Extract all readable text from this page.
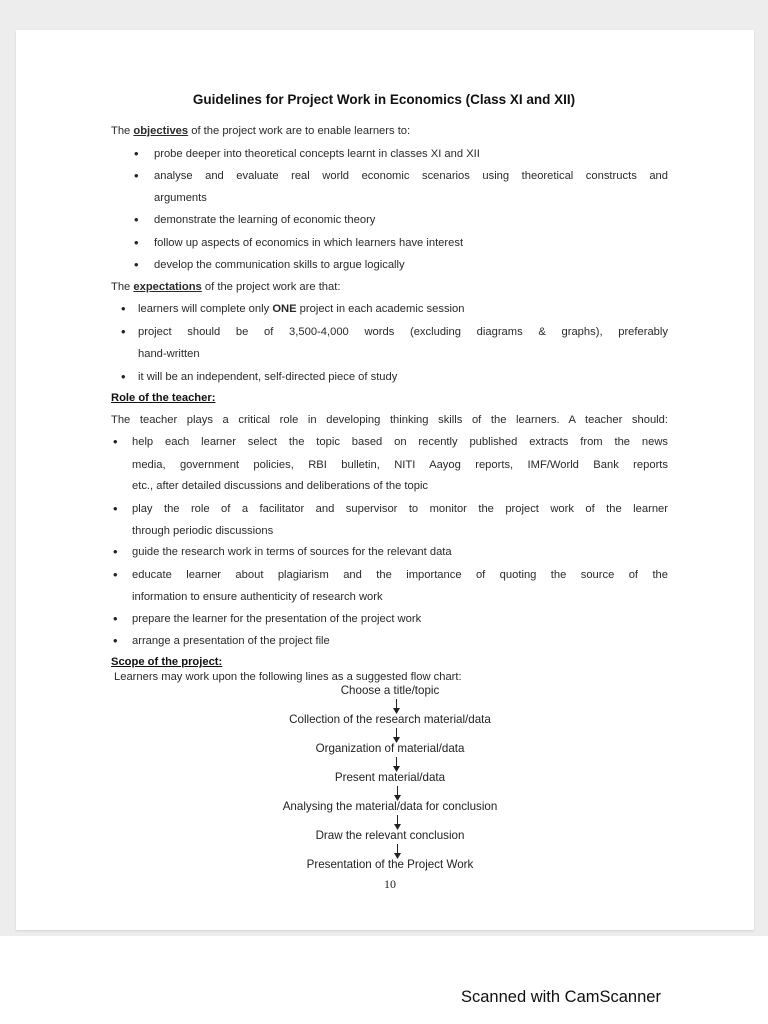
Guidelines for Project Work in Economics (Class XI and XII)
The objectives of the project work are to enable learners to:
• probe deeper into theoretical concepts learnt in classes XI and XII
• analyse and evaluate real world economic scenarios using theoretical constructs and
arguments
• demonstrate the learning of economic theory
• follow up aspects of economics in which learners have interest
• develop the communication skills to argue logically
The expectations of the project work are that:
• learners will complete only ONE project in each academic session
• project should be of 3,500-4,000 words (excluding diagrams & graphs), preferably
hand-written
• it will be an independent, self-directed piece of study
Role of the teacher:
The teacher plays a critical role in developing thinking skills of the learners. A teacher should:
• help each learner select the topic based on recently published extracts from the news
media, government policies, RBI bulletin, NITI Aayog reports, IMF/World Bank reports
etc., after detailed discussions and deliberations of the topic
• play the role of a facilitator and supervisor to monitor the project work of the learner
through periodic discussions
• guide the research work in terms of sources for the relevant data
• educate learner about plagiarism and the importance of quoting the source of the
information to ensure authenticity of research work
• prepare the learner for the presentation of the project work
• arrange a presentation of the project file
Scope of the project:
Learners may work upon the following lines as a suggested flow chart:
Choose a title/topic
Collection of the research material/data
Organization of material/data
Present material/data
Analysing the material/data for conclusion
Draw the relevant conclusion
Presentation of the Project Work
10
Scanned with CamScanner
